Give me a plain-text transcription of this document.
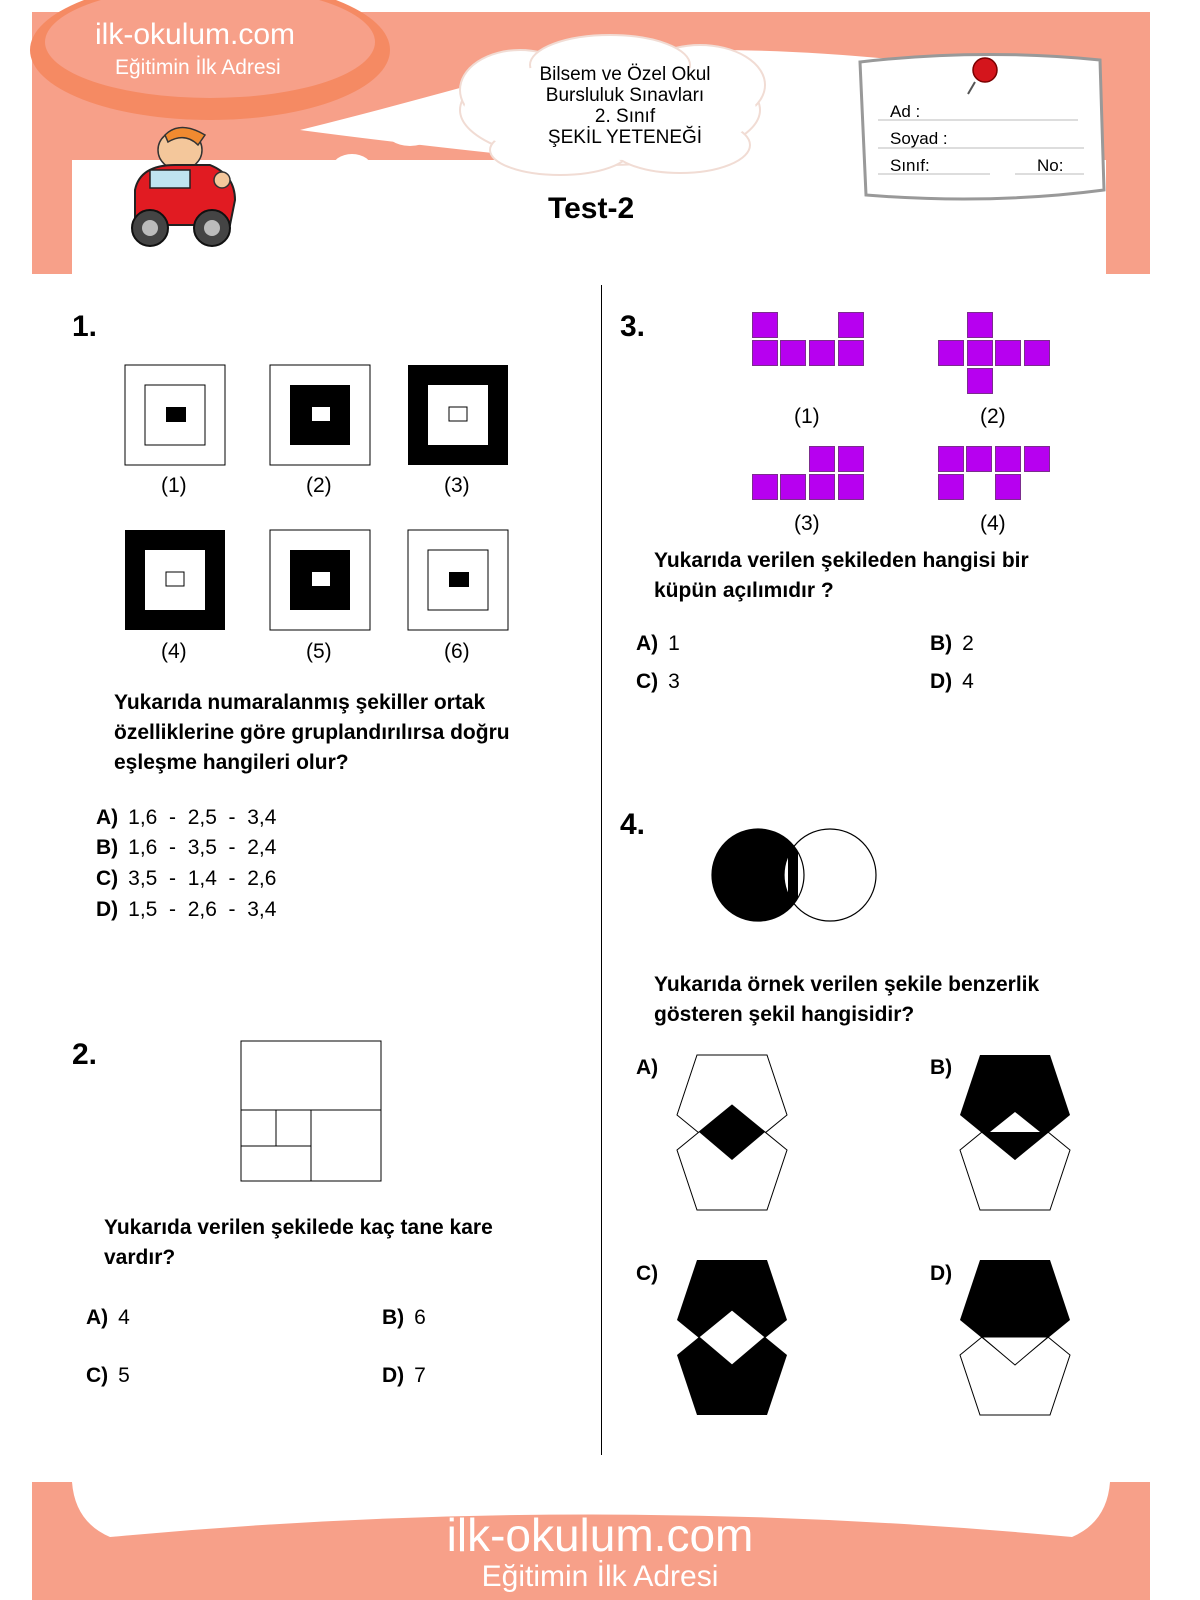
ilk-okulum.com
Eğitimin İlk Adresi	Bilsem ve Özel Okul
Bursluluk Sınavları
2. Sınıf
ŞEKİL YETENEĞİ
Test-2
Ad :
Soyad :
Sınıf:	No:
1.
(1)	(2)	(3)
(4)	(5)	(6)
Yukarıda numaralanmış şekiller ortak
özelliklerine göre gruplandırılırsa doğru
eşleşme hangileri olur?
A) 1,6  -  2,5  -  3,4
B) 1,6  -  3,5  -  2,4
C) 3,5  -  1,4  -  2,6
D) 1,5  -  2,6  -  3,4
2.
Yukarıda verilen şekilede kaç tane kare
vardır?
A) 4	B) 6
C) 5	D) 7
3.
(1)	(2)
(3)	(4)
Yukarıda verilen şekileden hangisi bir
küpün açılımıdır ?
A) 1	B) 2
C) 3	D) 4
4.
Yukarıda örnek verilen şekile benzerlik
gösteren şekil hangisidir?
A)	B)
C)	D)
ilk-okulum.com
Eğitimin İlk Adresi
